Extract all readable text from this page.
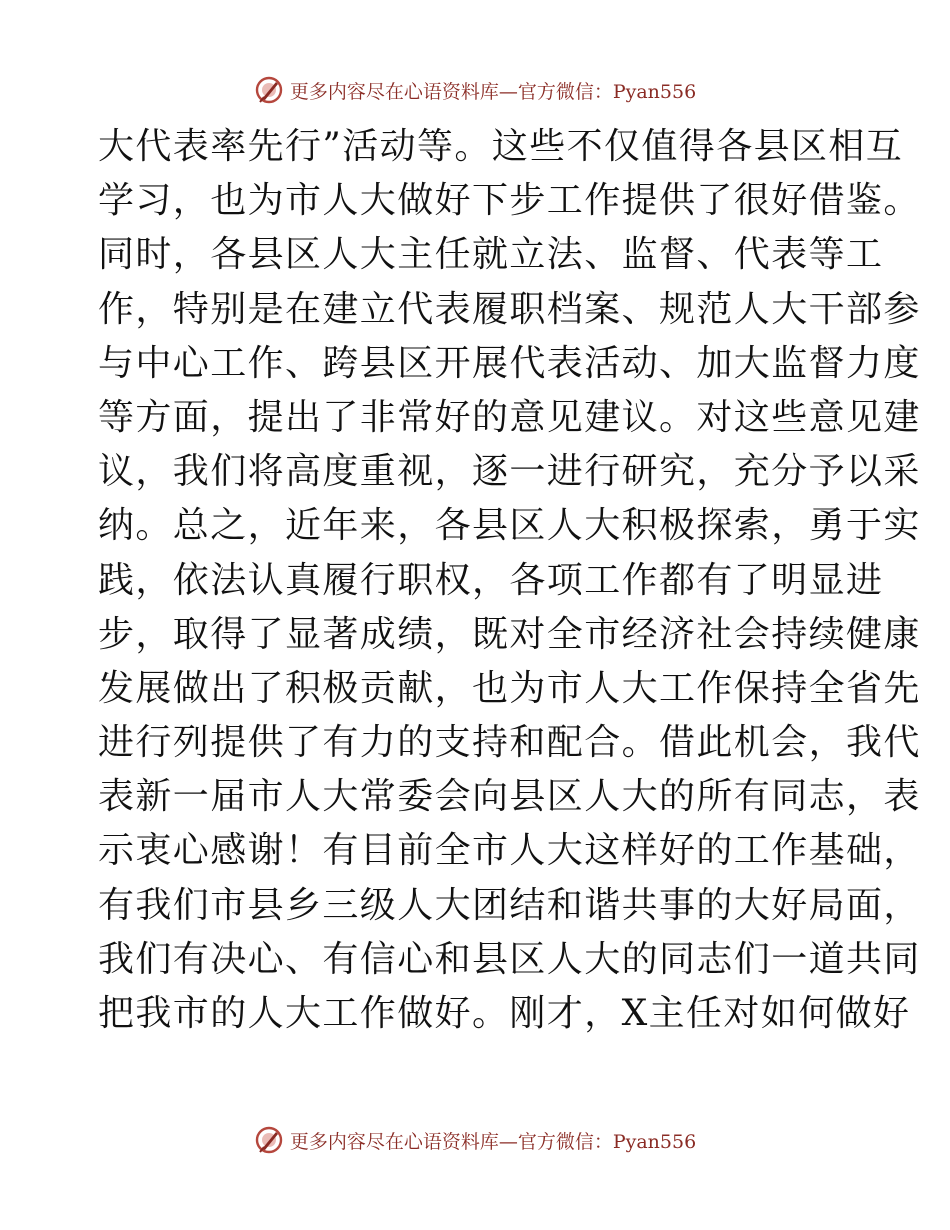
更多内容尽在心语资料库—官方微信：Pyan556
大代表率先行”活动等。这些不仅值得各县区相互
学习，也为市人大做好下步工作提供了很好借鉴。
同时，各县区人大主任就立法、监督、代表等工
作，特别是在建立代表履职档案、规范人大干部参
与中心工作、跨县区开展代表活动、加大监督力度
等方面，提出了非常好的意见建议。对这些意见建
议，我们将高度重视，逐一进行研究，充分予以采
纳。总之，近年来，各县区人大积极探索，勇于实
践，依法认真履行职权，各项工作都有了明显进
步，取得了显著成绩，既对全市经济社会持续健康
发展做出了积极贡献，也为市人大工作保持全省先
进行列提供了有力的支持和配合。借此机会，我代
表新一届市人大常委会向县区人大的所有同志，表
示衷心感谢！有目前全市人大这样好的工作基础，
有我们市县乡三级人大团结和谐共事的大好局面，
我们有决心、有信心和县区人大的同志们一道共同
把我市的人大工作做好。刚才，X主任对如何做好
更多内容尽在心语资料库—官方微信：Pyan556
